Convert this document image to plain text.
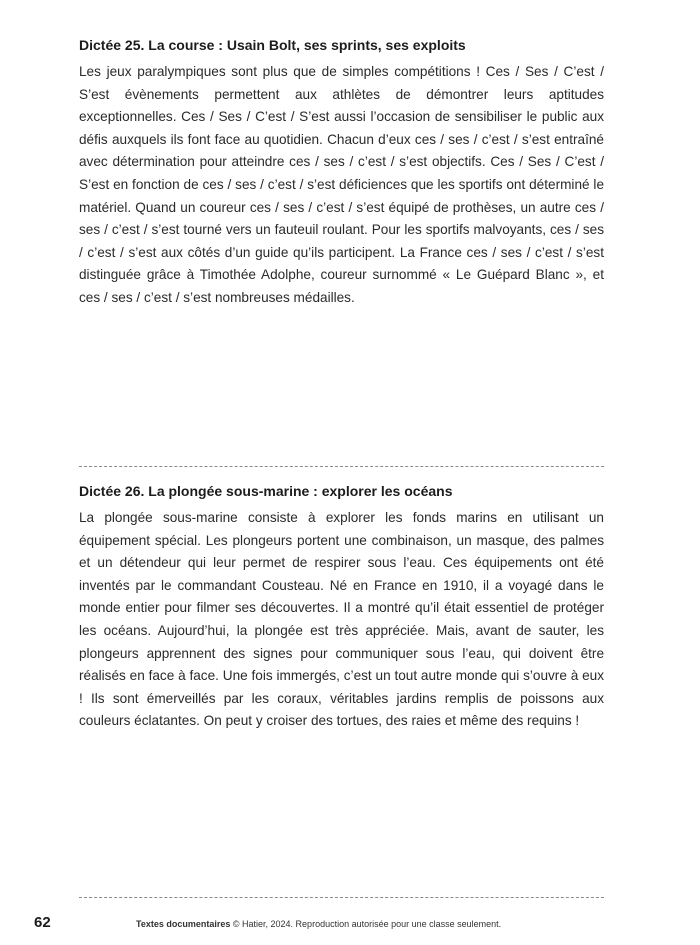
Dictée 25. La course : Usain Bolt, ses sprints, ses exploits

Les jeux paralympiques sont plus que de simples compétitions ! Ces / Ses / C’est / S’est évènements permettent aux athlètes de démontrer leurs aptitudes exceptionnelles. Ces / Ses / C’est / S’est aussi l’occasion de sensibiliser le public aux défis auxquels ils font face au quotidien. Chacun d’eux ces / ses / c’est / s’est entraîné avec détermination pour atteindre ces / ses / c’est / s’est objectifs. Ces / Ses / C’est / S’est en fonction de ces / ses / c’est / s’est déficiences que les sportifs ont déterminé le matériel. Quand un coureur ces / ses / c’est / s’est équipé de prothèses, un autre ces / ses / c’est / s’est tourné vers un fauteuil roulant. Pour les sportifs malvoyants, ces / ses / c’est / s’est aux côtés d’un guide qu’ils participent. La France ces / ses / c’est / s’est distinguée grâce à Timothée Adolphe, coureur surnommé « Le Guépard Blanc », et ces / ses / c’est / s’est nombreuses médailles.

Dictée 26. La plongée sous-marine : explorer les océans

La plongée sous-marine consiste à explorer les fonds marins en utilisant un équipement spécial. Les plongeurs portent une combinaison, un masque, des palmes et un détendeur qui leur permet de respirer sous l’eau. Ces équipements ont été inventés par le commandant Cousteau. Né en France en 1910, il a voyagé dans le monde entier pour filmer ses découvertes. Il a montré qu’il était essentiel de protéger les océans. Aujourd’hui, la plongée est très appréciée. Mais, avant de sauter, les plongeurs apprennent des signes pour communiquer sous l’eau, qui doivent être réalisés en face à face. Une fois immergés, c’est un tout autre monde qui s’ouvre à eux ! Ils sont émerveillés par les coraux, véritables jardins remplis de poissons aux couleurs éclatantes. On peut y croiser des tortues, des raies et même des requins !

62	Textes documentaires © Hatier, 2024. Reproduction autorisée pour une classe seulement.
